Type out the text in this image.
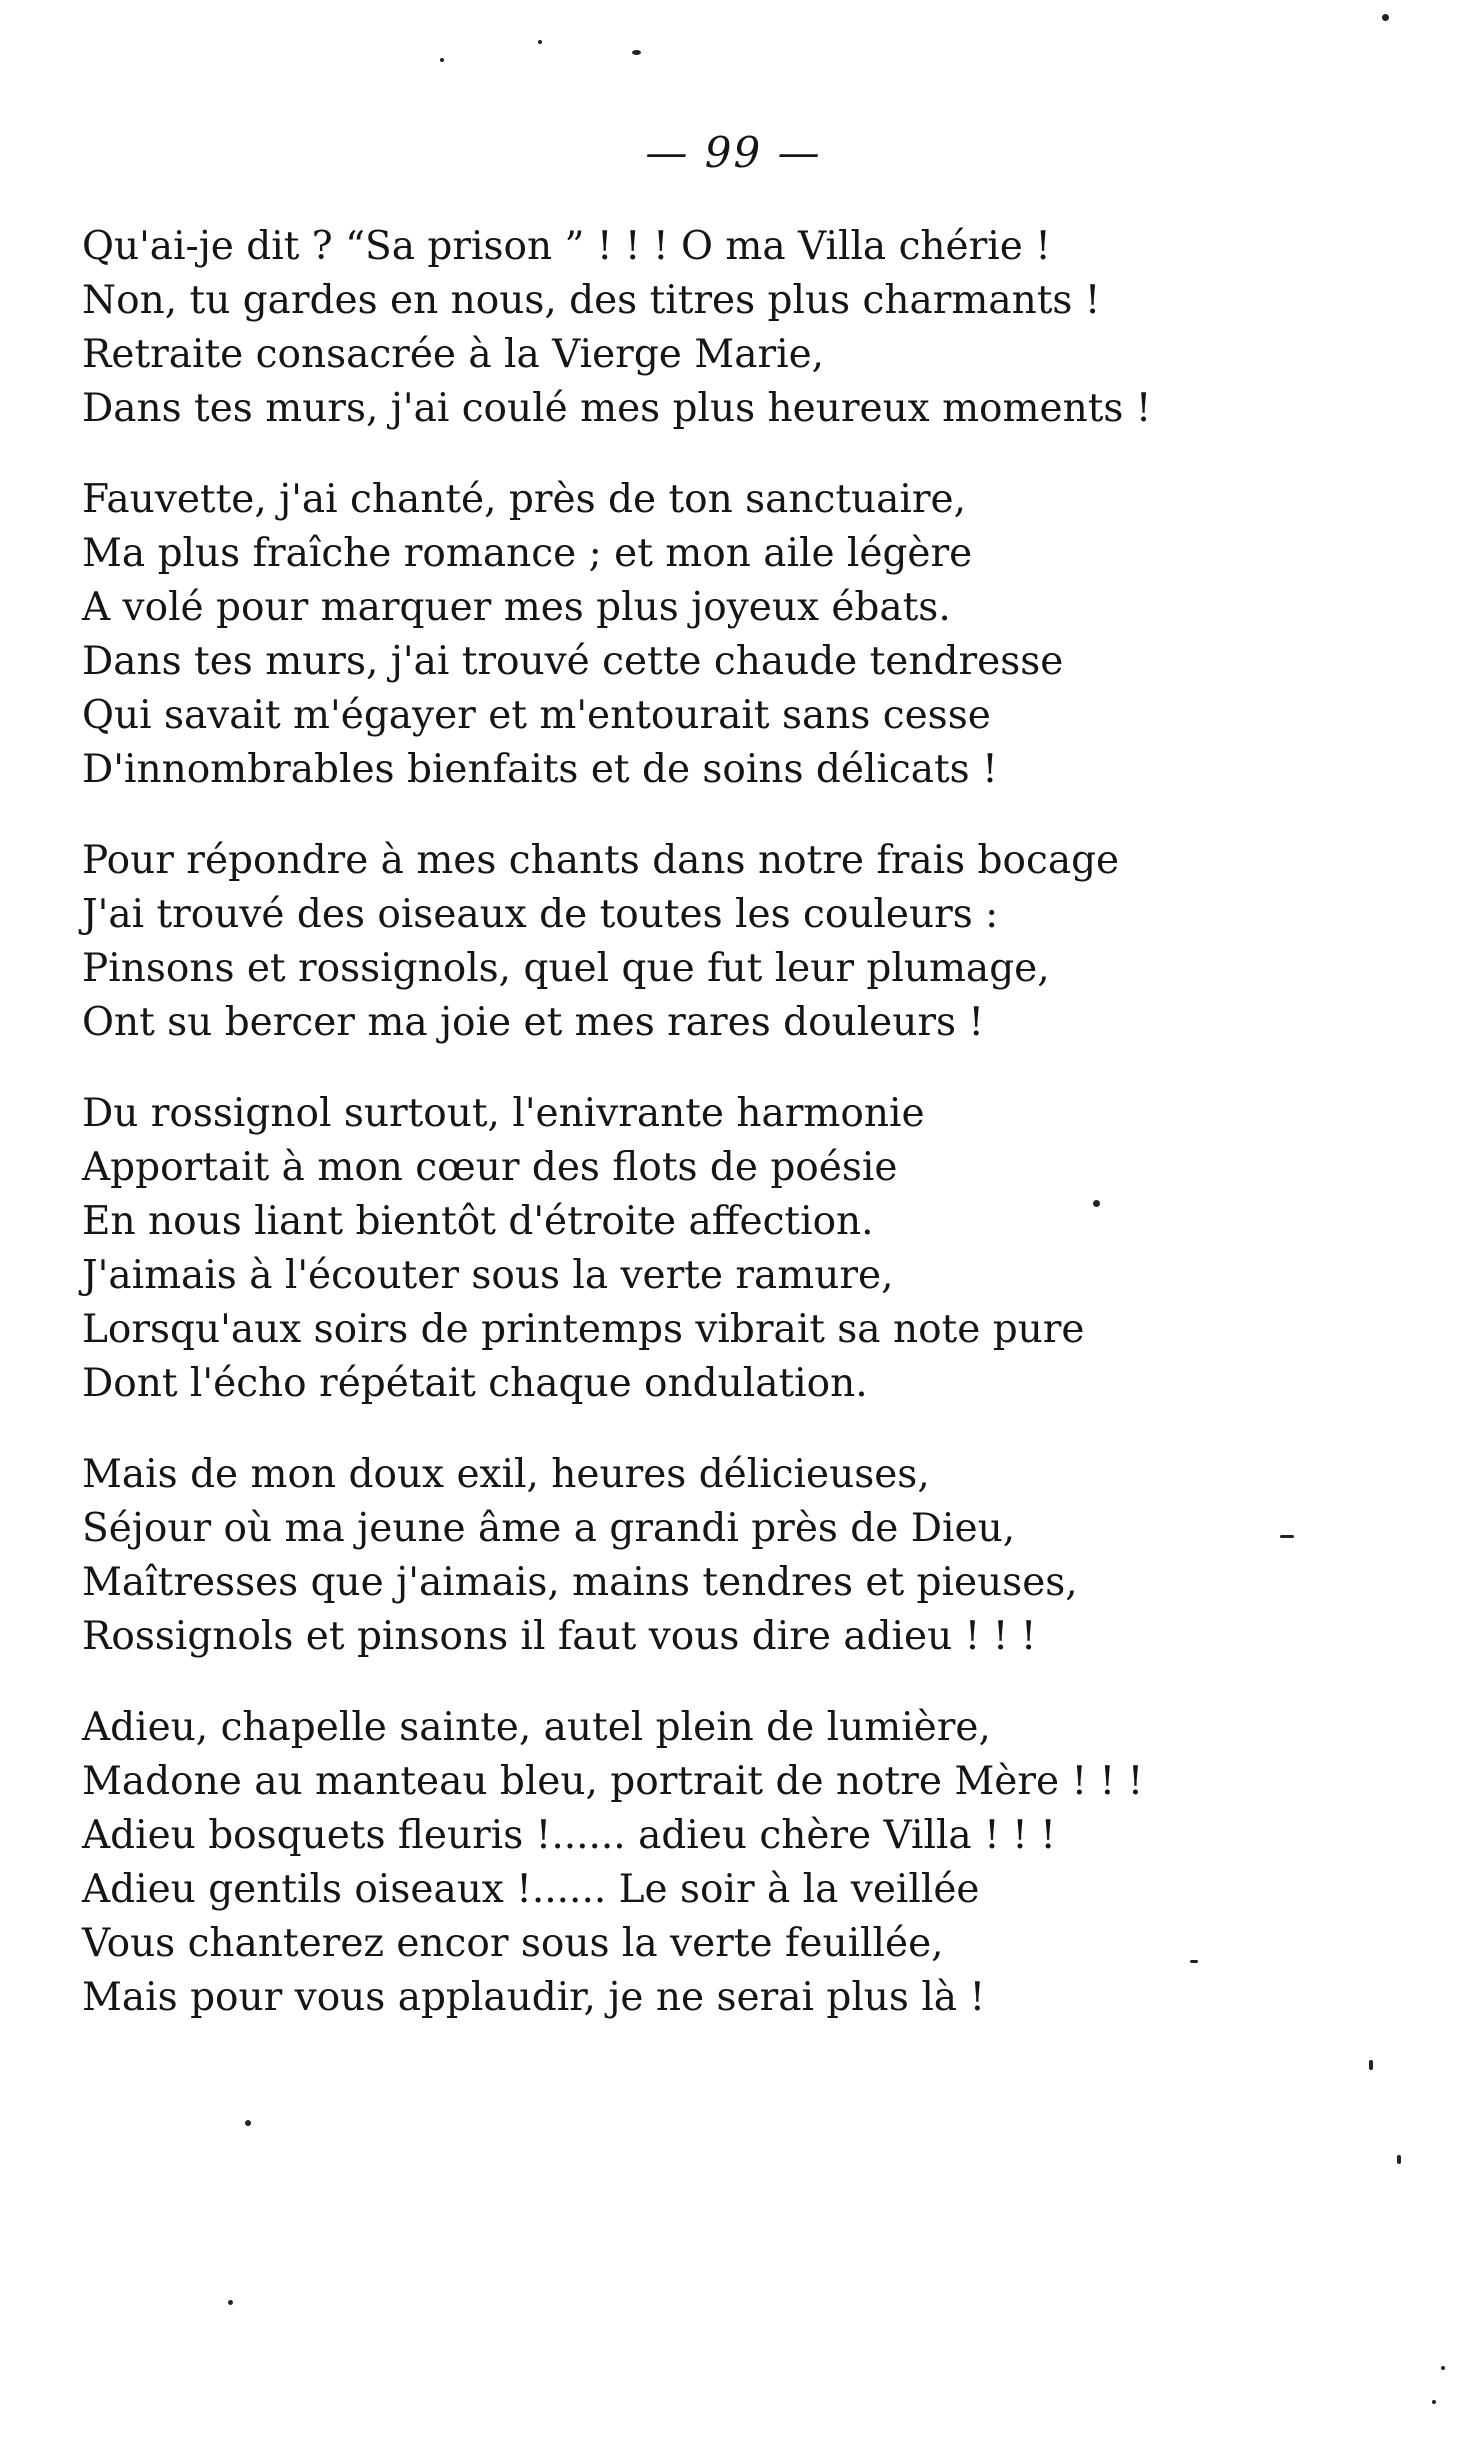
— 99 —
Qu'ai-je dit ? “Sa prison ” ! ! ! O ma Villa chérie !
Non, tu gardes en nous, des titres plus charmants !
Retraite consacrée à la Vierge Marie,
Dans tes murs, j'ai coulé mes plus heureux moments !
Fauvette, j'ai chanté, près de ton sanctuaire,
Ma plus fraîche romance ; et mon aile légère
A volé pour marquer mes plus joyeux ébats.
Dans tes murs, j'ai trouvé cette chaude tendresse
Qui savait m'égayer et m'entourait sans cesse
D'innombrables bienfaits et de soins délicats !
Pour répondre à mes chants dans notre frais bocage
J'ai trouvé des oiseaux de toutes les couleurs :
Pinsons et rossignols, quel que fut leur plumage,
Ont su bercer ma joie et mes rares douleurs !
Du rossignol surtout, l'enivrante harmonie
Apportait à mon cœur des flots de poésie
En nous liant bientôt d'étroite affection.
J'aimais à l'écouter sous la verte ramure,
Lorsqu'aux soirs de printemps vibrait sa note pure
Dont l'écho répétait chaque ondulation.
Mais de mon doux exil, heures délicieuses,
Séjour où ma jeune âme a grandi près de Dieu,
Maîtresses que j'aimais, mains tendres et pieuses,
Rossignols et pinsons il faut vous dire adieu ! ! !
Adieu, chapelle sainte, autel plein de lumière,
Madone au manteau bleu, portrait de notre Mère ! ! !
Adieu bosquets fleuris !...... adieu chère Villa ! ! !
Adieu gentils oiseaux !...... Le soir à la veillée
Vous chanterez encor sous la verte feuillée,
Mais pour vous applaudir, je ne serai plus là !
